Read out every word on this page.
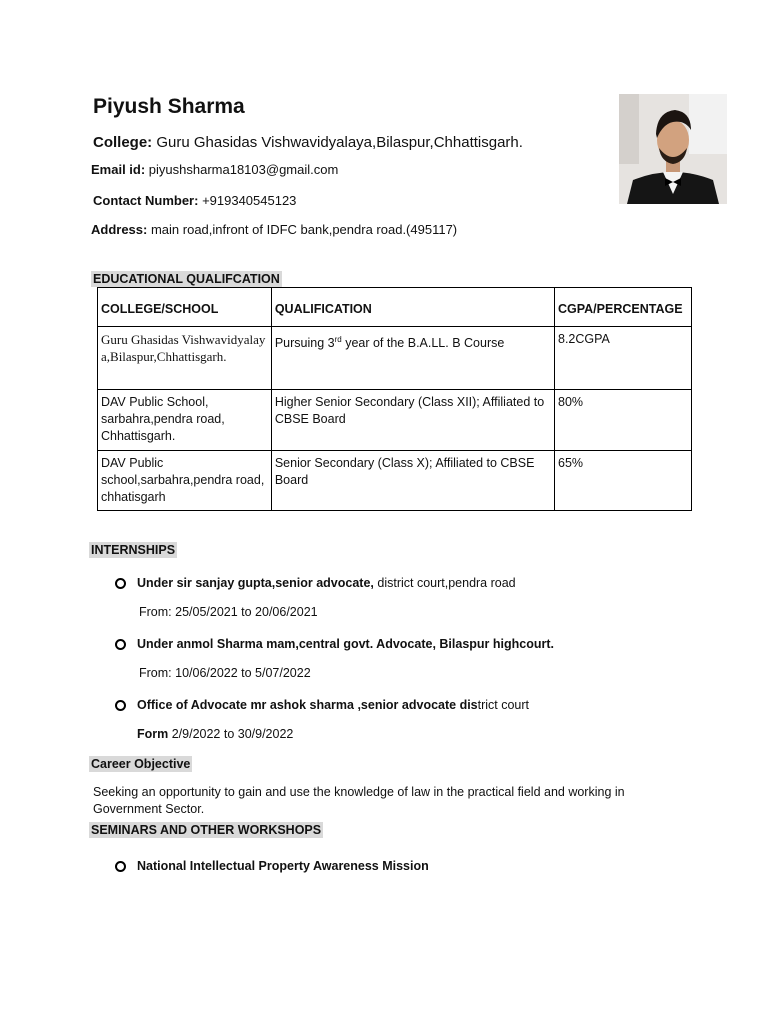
Piyush Sharma
College: Guru Ghasidas Vishwavidyalaya,Bilaspur,Chhattisgarh.
Email id: piyushsharma18103@gmail.com
Contact Number: +919340545123
Address: main road,infront of IDFC bank,pendra road.(495117)
EDUCATIONAL QUALIFCATION
COLLEGE/SCHOOL	QUALIFICATION	CGPA/PERCENTAGE
Guru Ghasidas Vishwavidyalaya,Bilaspur,Chhattisgarh.	Pursuing 3rd year of the B.A.LL. B Course	8.2CGPA
DAV Public School, sarbahra,pendra road, Chhattisgarh.	Higher Senior Secondary (Class XII); Affiliated to CBSE Board	80%
DAV Public school,sarbahra,pendra road, chhatisgarh	Senior Secondary (Class X); Affiliated to CBSE Board	65%
INTERNSHIPS
Under sir sanjay gupta,senior advocate, district court,pendra road
From: 25/05/2021 to 20/06/2021
Under anmol Sharma mam,central govt. Advocate, Bilaspur highcourt.
From: 10/06/2022 to 5/07/2022
Office of Advocate mr ashok sharma ,senior advocate district court
Form 2/9/2022 to 30/9/2022
Career Objective
Seeking an opportunity to gain and use the knowledge of law in the practical field and working in Government Sector.
SEMINARS AND OTHER WORKSHOPS
National Intellectual Property Awareness Mission
